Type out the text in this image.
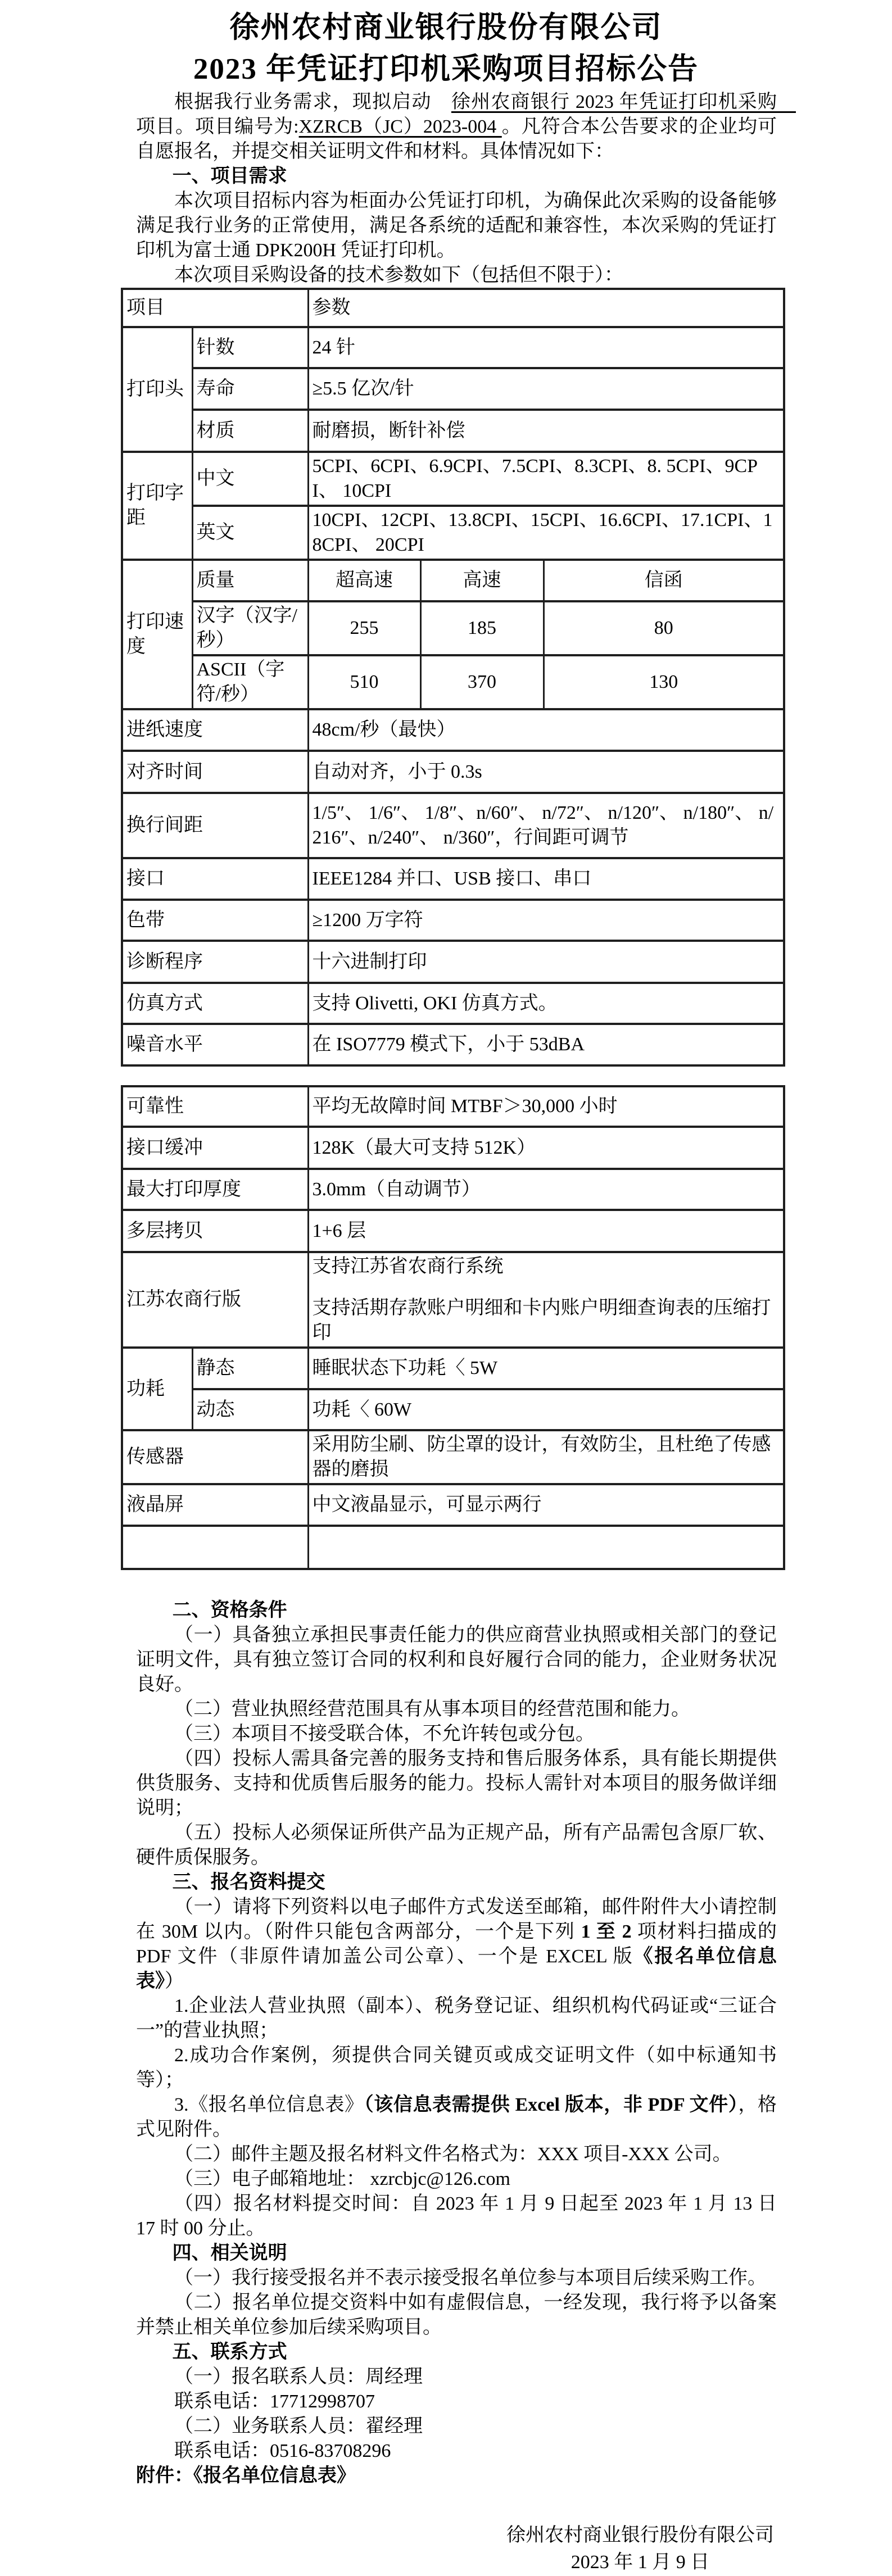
徐州农村商业银行股份有限公司
2023 年凭证打印机采购项目招标公告

根据我行业务需求，现拟启动　徐州农商银行 2023 年凭证打印机采购　项目。项目编号为:XZRCB（JC）2023-004 。凡符合本公告要求的企业均可自愿报名，并提交相关证明文件和材料。具体情况如下：

一、项目需求

本次项目招标内容为柜面办公凭证打印机，为确保此次采购的设备能够满足我行业务的正常使用，满足各系统的适配和兼容性，本次采购的凭证打印机为富士通 DPK200H 凭证打印机。

本次项目采购设备的技术参数如下（包括但不限于）：

项目		参数		
打印头	针数	24 针		
	寿命	≥5.5 亿次/针		
	材质	耐磨损，断针补偿		
打印字距	中文	5CPI、6CPI、6.9CPI、7.5CPI、8.3CPI、8. 5CPI、9CPI、 10CPI		
	英文	10CPI、12CPI、13.8CPI、15CPI、16.6CPI、17.1CPI、18CPI、 20CPI		
打印速度	质量	超高速	高速	信函
	汉字（汉字/秒）	255	185	80
	ASCII（字符/秒）	510	370	130
进纸速度		48cm/秒（最快）		
对齐时间		自动对齐，小于 0.3s		
换行间距		1/5″、 1/6″、 1/8″、n/60″、 n/72″、 n/120″、 n/180″、 n/216″、n/240″、 n/360″，行间距可调节		
接口		IEEE1284 并口、USB 接口、串口		
色带		≥1200 万字符		
诊断程序		十六进制打印		
仿真方式		支持 Olivetti, OKI 仿真方式。		
噪音水平		在 ISO7779 模式下，小于 53dBA		
可靠性		平均无故障时间 MTBF＞30,000 小时
接口缓冲		128K（最大可支持 512K）
最大打印厚度		3.0mm（自动调节）
多层拷贝		1+6 层
江苏农商行版		支持江苏省农商行系统
支持活期存款账户明细和卡内账户明细查询表的压缩打印

功耗	静态	睡眠状态下功耗〈 5W
	动态	功耗〈 60W
传感器		采用防尘刷、防尘罩的设计，有效防尘，且杜绝了传感器的磨损
液晶屏		中文液晶显示，可显示两行

二、资格条件

（一）具备独立承担民事责任能力的供应商营业执照或相关部门的登记证明文件，具有独立签订合同的权利和良好履行合同的能力，企业财务状况良好。

（二）营业执照经营范围具有从事本项目的经营范围和能力。

（三）本项目不接受联合体，不允许转包或分包。

（四）投标人需具备完善的服务支持和售后服务体系，具有能长期提供供货服务、支持和优质售后服务的能力。投标人需针对本项目的服务做详细说明；

（五）投标人必须保证所供产品为正规产品，所有产品需包含原厂软、硬件质保服务。

三、报名资料提交

（一）请将下列资料以电子邮件方式发送至邮箱，邮件附件大小请控制在 30M 以内。（附件只能包含两部分，一个是下列 1 至 2 项材料扫描成的 PDF 文件（非原件请加盖公司公章）、一个是 EXCEL 版《报名单位信息表》）

1.企业法人营业执照（副本）、税务登记证、组织机构代码证或“三证合一”的营业执照；

2.成功合作案例，须提供合同关键页或成交证明文件（如中标通知书等）；

3.《报名单位信息表》（该信息表需提供 Excel 版本，非 PDF 文件），格式见附件。

（二）邮件主题及报名材料文件名格式为：XXX 项目-XXX 公司。

（三）电子邮箱地址： xzrcbjc@126.com

（四）报名材料提交时间：自 2023 年 1 月 9 日起至 2023 年 1 月 13 日 17 时 00 分止。

四、相关说明

（一）我行接受报名并不表示接受报名单位参与本项目后续采购工作。

（二）报名单位提交资料中如有虚假信息，一经发现，我行将予以备案并禁止相关单位参加后续采购项目。

五、联系方式

（一）报名联系人员：周经理

联系电话：17712998707

（二）业务联系人员：翟经理

联系电话：0516-83708296

附件：《报名单位信息表》

徐州农村商业银行股份有限公司
2023 年 1 月 9 日
